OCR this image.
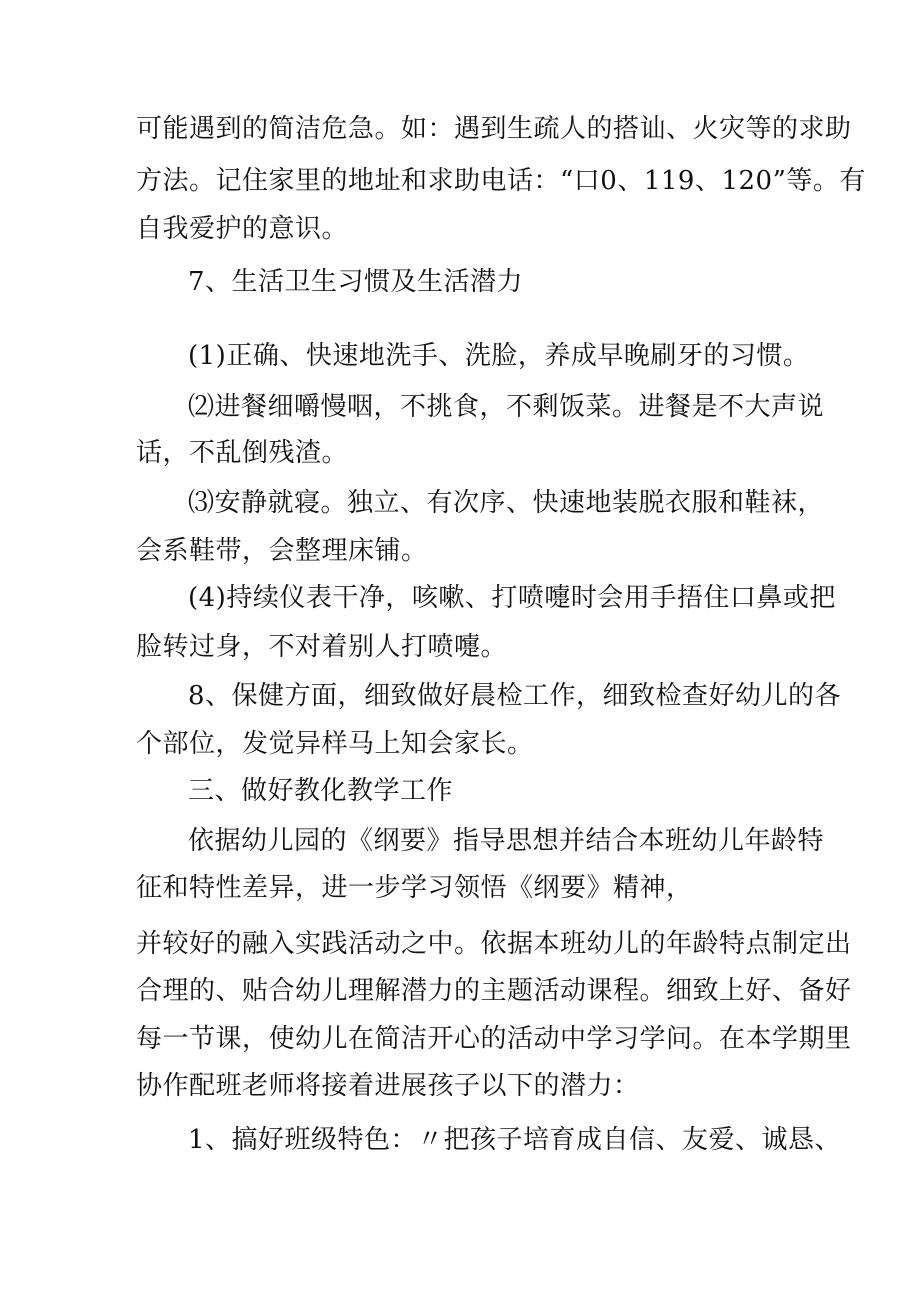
可能遇到的简洁危急。如：遇到生疏人的搭讪、火灾等的求助
方法。记住家里的地址和求助电话：“口0、119、120”等。有
自我爱护的意识。
7、生活卫生习惯及生活潜力
(1)正确、快速地洗手、洗脸，养成早晚刷牙的习惯。
⑵进餐细嚼慢咽，不挑食，不剩饭菜。进餐是不大声说
话，不乱倒残渣。
⑶安静就寝。独立、有次序、快速地装脱衣服和鞋袜，
会系鞋带，会整理床铺。
(4)持续仪表干净，咳嗽、打喷嚏时会用手捂住口鼻或把
脸转过身，不对着别人打喷嚏。
8、保健方面，细致做好晨检工作，细致检查好幼儿的各
个部位，发觉异样马上知会家长。
三、做好教化教学工作
依据幼儿园的《纲要》指导思想并结合本班幼儿年龄特
征和特性差异，进一步学习领悟《纲要》精神，
并较好的融入实践活动之中。依据本班幼儿的年龄特点制定出
合理的、贴合幼儿理解潜力的主题活动课程。细致上好、备好
每一节课，使幼儿在简洁开心的活动中学习学问。在本学期里
协作配班老师将接着进展孩子以下的潜力：
1、搞好班级特色：〃把孩子培育成自信、友爱、诚恳、
